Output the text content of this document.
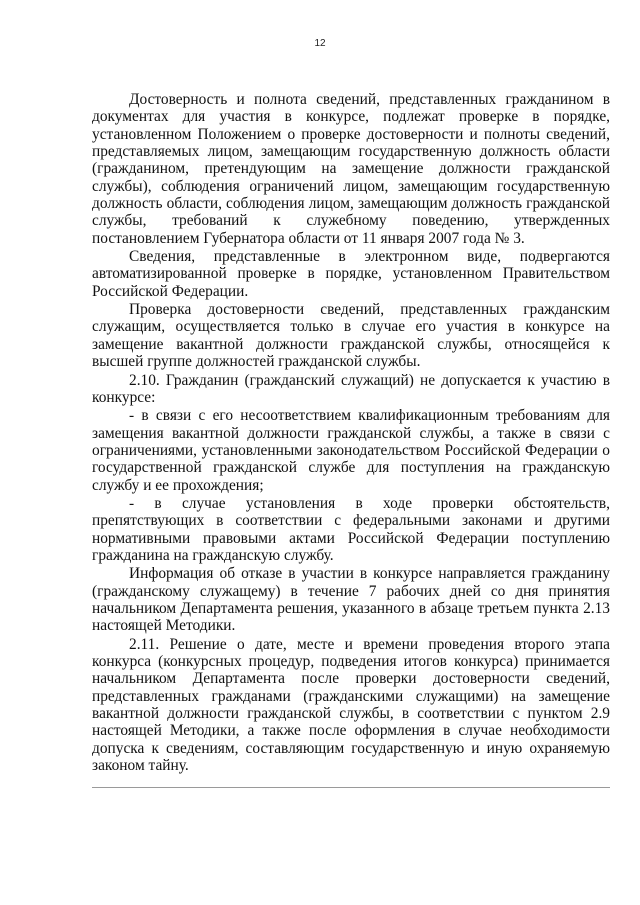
12

Достоверность и полнота сведений, представленных гражданином в документах для участия в конкурсе, подлежат проверке в порядке, установленном Положением о проверке достоверности и полноты сведений, представляемых лицом, замещающим государственную должность области (гражданином, претендующим на замещение должности гражданской службы), соблюдения ограничений лицом, замещающим государственную должность области, соблюдения лицом, замещающим должность гражданской службы, требований к служебному поведению, утвержденных постановлением Губернатора области от 11 января 2007 года № 3.

Сведения, представленные в электронном виде, подвергаются автоматизированной проверке в порядке, установленном Правительством Российской Федерации.

Проверка достоверности сведений, представленных гражданским служащим, осуществляется только в случае его участия в конкурсе на замещение вакантной должности гражданской службы, относящейся к высшей группе должностей гражданской службы.

2.10. Гражданин (гражданский служащий) не допускается к участию в конкурсе:

- в связи с его несоответствием квалификационным требованиям для замещения вакантной должности гражданской службы, а также в связи с ограничениями, установленными законодательством Российской Федерации о государственной гражданской службе для поступления на гражданскую службу и ее прохождения;

- в случае установления в ходе проверки обстоятельств, препятствующих в соответствии с федеральными законами и другими нормативными правовыми актами Российской Федерации поступлению гражданина на гражданскую службу.

Информация об отказе в участии в конкурсе направляется гражданину (гражданскому служащему) в течение 7 рабочих дней со дня принятия начальником Департамента решения, указанного в абзаце третьем пункта 2.13 настоящей Методики.

2.11. Решение о дате, месте и времени проведения второго этапа конкурса (конкурсных процедур, подведения итогов конкурса) принимается начальником Департамента после проверки достоверности сведений, представленных гражданами (гражданскими служащими) на замещение вакантной должности гражданской службы, в соответствии с пунктом 2.9 настоящей Методики, а также после оформления в случае необходимости допуска к сведениям, составляющим государственную и иную охраняемую законом тайну.
